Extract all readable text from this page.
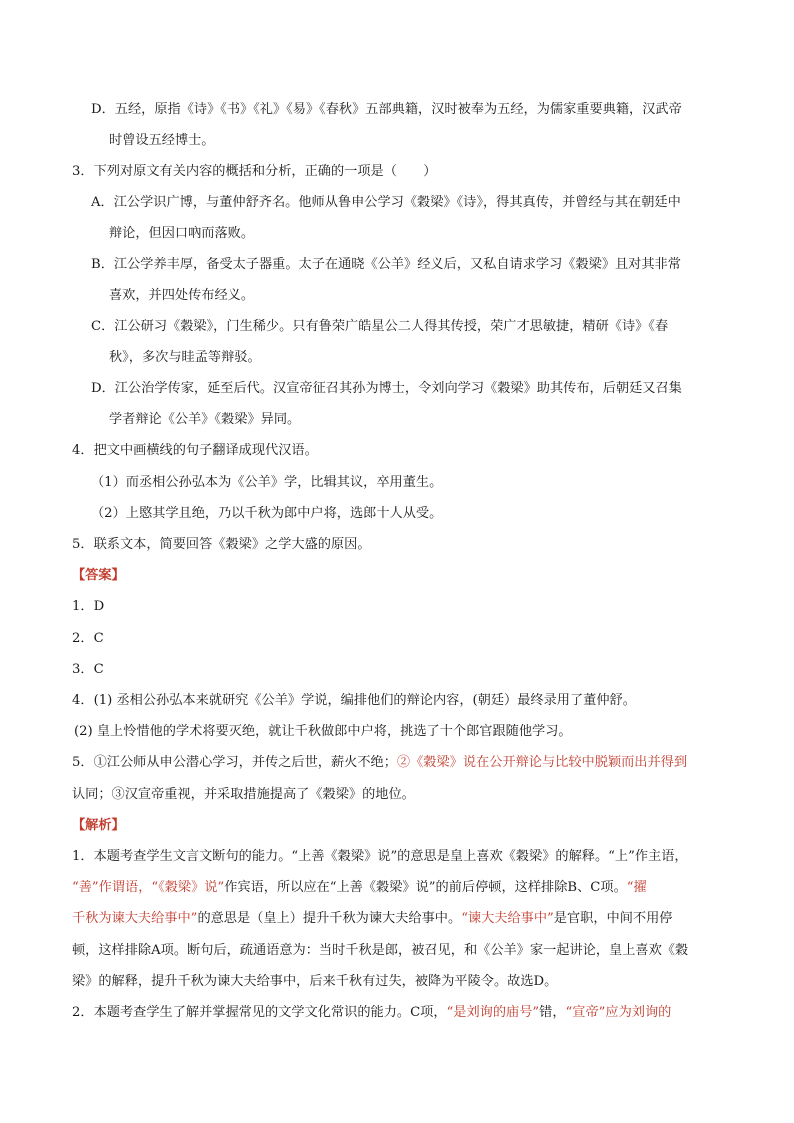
D．五经，原指《诗》《书》《礼》《易》《春秋》五部典籍，汉时被奉为五经，为儒家重要典籍，汉武帝
时曾设五经博士。
3．下列对原文有关内容的概括和分析，正确的一项是（　　）
A．江公学识广博，与董仲舒齐名。他师从鲁申公学习《穀梁》《诗》，得其真传，并曾经与其在朝廷中
辩论，但因口吶而落败。
B．江公学养丰厚，备受太子器重。太子在通晓《公羊》经义后，又私自请求学习《穀梁》且对其非常
喜欢，并四处传布经义。
C．江公研习《穀梁》，门生稀少。只有鲁荣广皓星公二人得其传授，荣广才思敏捷，精研《诗》《春
秋》，多次与眭孟等辩驳。
D．江公治学传家，延至后代。汉宣帝征召其孙为博士，令刘向学习《穀梁》助其传布，后朝廷又召集
学者辩论《公羊》《穀梁》异同。
4．把文中画横线的句子翻译成现代汉语。
（1）而丞相公孙弘本为《公羊》学，比辑其议，卒用董生。
（2）上愍其学且绝，乃以千秋为郎中户将，选郎十人从受。
5．联系文本，简要回答《穀梁》之学大盛的原因。
【答案】
1．D
2．C
3．C
4．(1) 丞相公孙弘本来就研究《公羊》学说，编排他们的辩论内容，(朝廷）最终录用了董仲舒。
(2) 皇上怜惜他的学术将要灭绝，就让千秋做郎中户将，挑选了十个郎官跟随他学习。
5．①江公师从申公潜心学习，并传之后世，薪火不绝；②《穀梁》说在公开辩论与比较中脱颖而出并得到
认同；③汉宣帝重视，并采取措施提高了《穀梁》的地位。
【解析】
1．本题考查学生文言文断句的能力。“上善《穀梁》说”的意思是皇上喜欢《穀梁》的解释。“上”作主语，
“善”作谓语，“《穀梁》说”作宾语，所以应在“上善《穀梁》说”的前后停顿，这样排除B、C项。“擢
千秋为谏大夫给事中”的意思是（皇上）提升千秋为谏大夫给事中。“谏大夫给事中”是官职，中间不用停
顿，这样排除A项。断句后，疏通语意为：当时千秋是郎，被召见，和《公羊》家一起讲论，皇上喜欢《穀
梁》的解释，提升千秋为谏大夫给事中，后来千秋有过失，被降为平陵令。故选D。
2．本题考查学生了解并掌握常见的文学文化常识的能力。C项，“是刘询的庙号”错，“宣帝”应为刘询的
